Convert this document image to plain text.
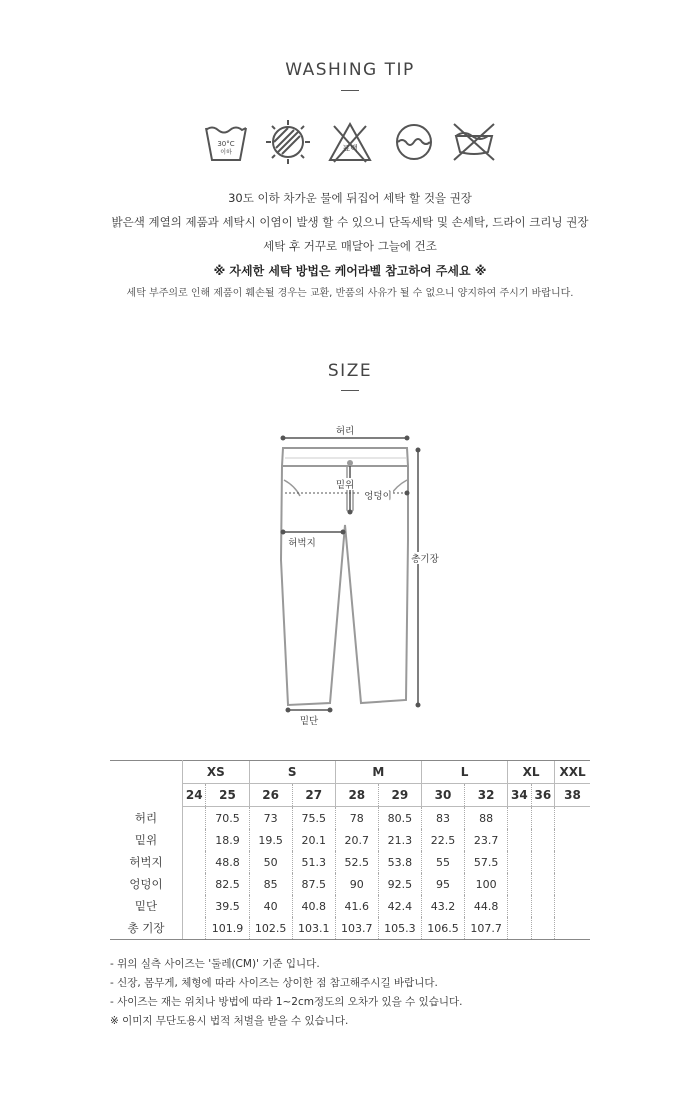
WASHING TIP
30°C
이하	표백
30도 이하 차가운 물에 뒤집어 세탁 할 것을 권장
밝은색 계열의 제품과 세탁시 이염이 발생 할 수 있으니 단독세탁 및 손세탁, 드라이 크리닝 권장
세탁 후 거꾸로 매달아 그늘에 건조
※ 자세한 세탁 방법은 케어라벨 참고하여 주세요 ※
세탁 부주의로 인해 제품이 훼손될 경우는 교환, 반품의 사유가 될 수 없으니 양지하여 주시기 바랍니다.
SIZE
허리
밑위
엉덩이
허벅지
총기장
밑단
	XS		S		M		L		XL		XXL
	24	25	26	27	28	29	30	32	34	36	38
허리		70.5	73	75.5	78	80.5	83	88			
밑위		18.9	19.5	20.1	20.7	21.3	22.5	23.7			
허벅지		48.8	50	51.3	52.5	53.8	55	57.5			
엉덩이		82.5	85	87.5	90	92.5	95	100			
밑단		39.5	40	40.8	41.6	42.4	43.2	44.8			
총 기장		101.9	102.5	103.1	103.7	105.3	106.5	107.7			
- 위의 실측 사이즈는 '둘레(CM)' 기준 입니다.
- 신장, 몸무게, 체형에 따라 사이즈는 상이한 점 참고해주시길 바랍니다.
- 사이즈는 재는 위치나 방법에 따라 1~2cm정도의 오차가 있을 수 있습니다.
※ 이미지 무단도용시 법적 처벌을 받을 수 있습니다.
